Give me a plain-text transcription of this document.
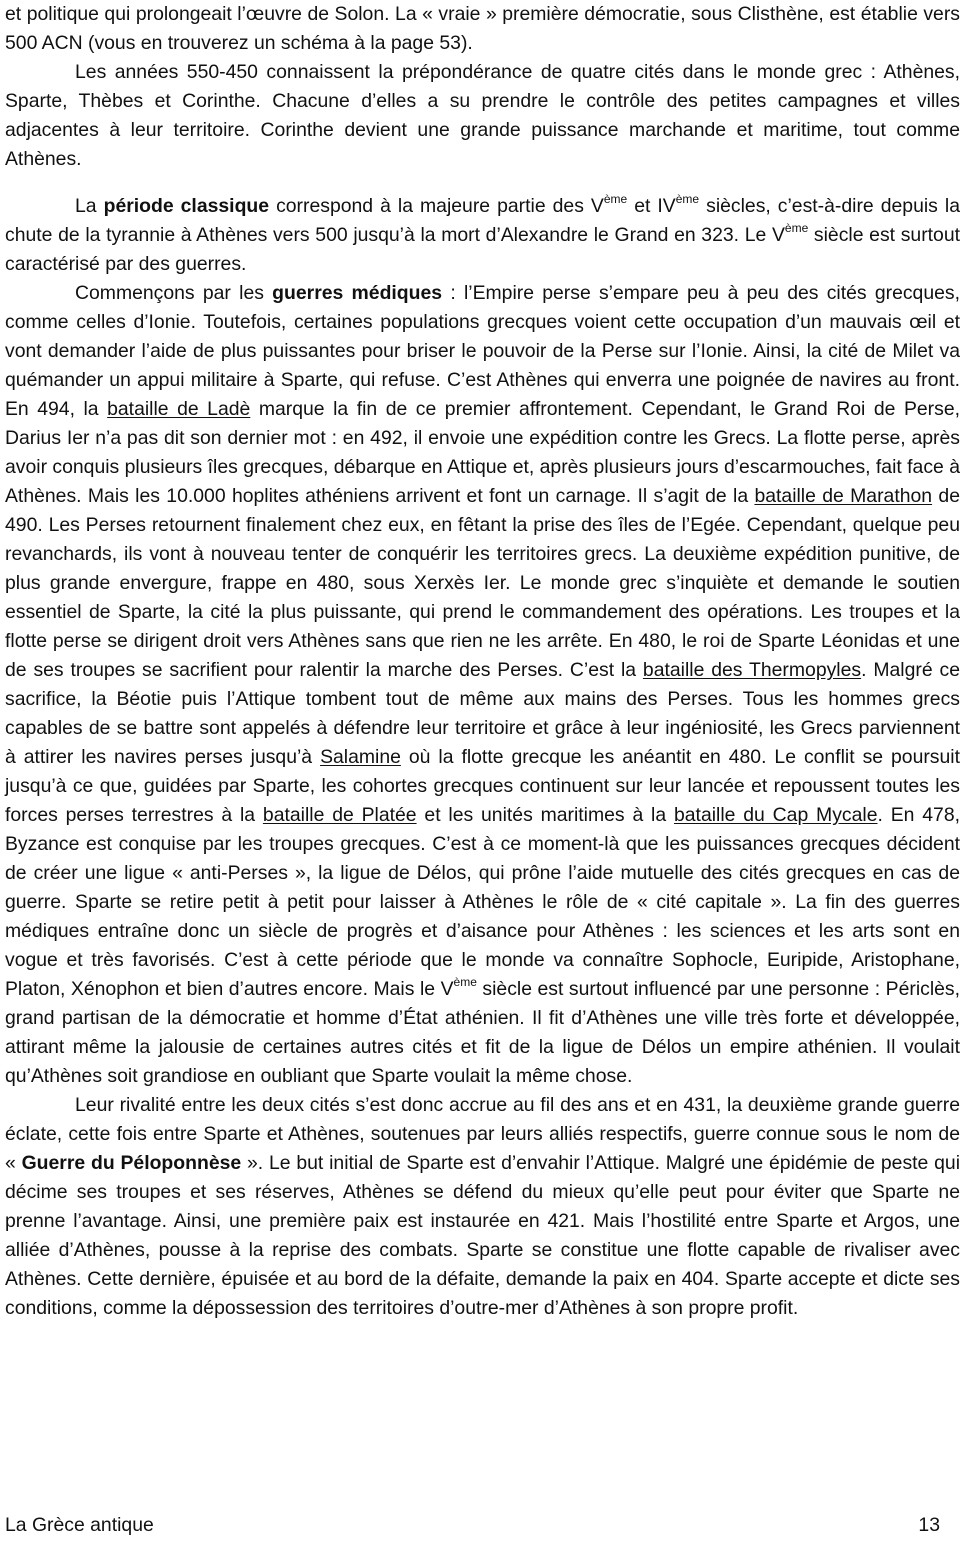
et politique qui prolongeait l’œuvre de Solon. La « vraie » première démocratie, sous Clisthène, est établie vers 500 ACN (vous en trouverez un schéma à la page 53).

Les années 550-450 connaissent la prépondérance de quatre cités dans le monde grec : Athènes, Sparte, Thèbes et Corinthe. Chacune d’elles a su prendre le contrôle des petites campagnes et villes adjacentes à leur territoire. Corinthe devient une grande puissance marchande et maritime, tout comme Athènes.

La période classique correspond à la majeure partie des Vème et IVème siècles, c’est-à-dire depuis la chute de la tyrannie à Athènes vers 500 jusqu’à la mort d’Alexandre le Grand en 323. Le Vème siècle est surtout caractérisé par des guerres.

Commençons par les guerres médiques : l’Empire perse s’empare peu à peu des cités grecques, comme celles d’Ionie. Toutefois, certaines populations grecques voient cette occupation d’un mauvais œil et vont demander l’aide de plus puissantes pour briser le pouvoir de la Perse sur l’Ionie. Ainsi, la cité de Milet va quémander un appui militaire à Sparte, qui refuse. C’est Athènes qui enverra une poignée de navires au front. En 494, la bataille de Ladè marque la fin de ce premier affrontement. Cependant, le Grand Roi de Perse, Darius Ier n’a pas dit son dernier mot : en 492, il envoie une expédition contre les Grecs. La flotte perse, après avoir conquis plusieurs îles grecques, débarque en Attique et, après plusieurs jours d’escarmouches, fait face à Athènes. Mais les 10.000 hoplites athéniens arrivent et font un carnage. Il s’agit de la bataille de Marathon de 490. Les Perses retournent finalement chez eux, en fêtant la prise des îles de l’Egée. Cependant, quelque peu revanchards, ils vont à nouveau tenter de conquérir les territoires grecs. La deuxième expédition punitive, de plus grande envergure, frappe en 480, sous Xerxès Ier. Le monde grec s’inquiète et demande le soutien essentiel de Sparte, la cité la plus puissante, qui prend le commandement des opérations. Les troupes et la flotte perse se dirigent droit vers Athènes sans que rien ne les arrête. En 480, le roi de Sparte Léonidas et une de ses troupes se sacrifient pour ralentir la marche des Perses. C’est la bataille des Thermopyles. Malgré ce sacrifice, la Béotie puis l’Attique tombent tout de même aux mains des Perses. Tous les hommes grecs capables de se battre sont appelés à défendre leur territoire et grâce à leur ingéniosité, les Grecs parviennent à attirer les navires perses jusqu’à Salamine où la flotte grecque les anéantit en 480. Le conflit se poursuit jusqu’à ce que, guidées par Sparte, les cohortes grecques continuent sur leur lancée et repoussent toutes les forces perses terrestres à la bataille de Platée et les unités maritimes à la bataille du Cap Mycale. En 478, Byzance est conquise par les troupes grecques. C’est à ce moment-là que les puissances grecques décident de créer une ligue « anti-Perses », la ligue de Délos, qui prône l’aide mutuelle des cités grecques en cas de guerre. Sparte se retire petit à petit pour laisser à Athènes le rôle de « cité capitale ». La fin des guerres médiques entraîne donc un siècle de progrès et d’aisance pour Athènes : les sciences et les arts sont en vogue et très favorisés. C’est à cette période que le monde va connaître Sophocle, Euripide, Aristophane, Platon, Xénophon et bien d’autres encore. Mais le Vème siècle est surtout influencé par une personne : Périclès, grand partisan de la démocratie et homme d’État athénien. Il fit d’Athènes une ville très forte et développée, attirant même la jalousie de certaines autres cités et fit de la ligue de Délos un empire athénien. Il voulait qu’Athènes soit grandiose en oubliant que Sparte voulait la même chose.

Leur rivalité entre les deux cités s’est donc accrue au fil des ans et en 431, la deuxième grande guerre éclate, cette fois entre Sparte et Athènes, soutenues par leurs alliés respectifs, guerre connue sous le nom de « Guerre du Péloponnèse ». Le but initial de Sparte est d’envahir l’Attique. Malgré une épidémie de peste qui décime ses troupes et ses réserves, Athènes se défend du mieux qu’elle peut pour éviter que Sparte ne prenne l’avantage. Ainsi, une première paix est instaurée en 421. Mais l’hostilité entre Sparte et Argos, une alliée d’Athènes, pousse à la reprise des combats. Sparte se constitue une flotte capable de rivaliser avec Athènes. Cette dernière, épuisée et au bord de la défaite, demande la paix en 404. Sparte accepte et dicte ses conditions, comme la dépossession des territoires d’outre-mer d’Athènes à son propre profit.

La Grèce antique	13
